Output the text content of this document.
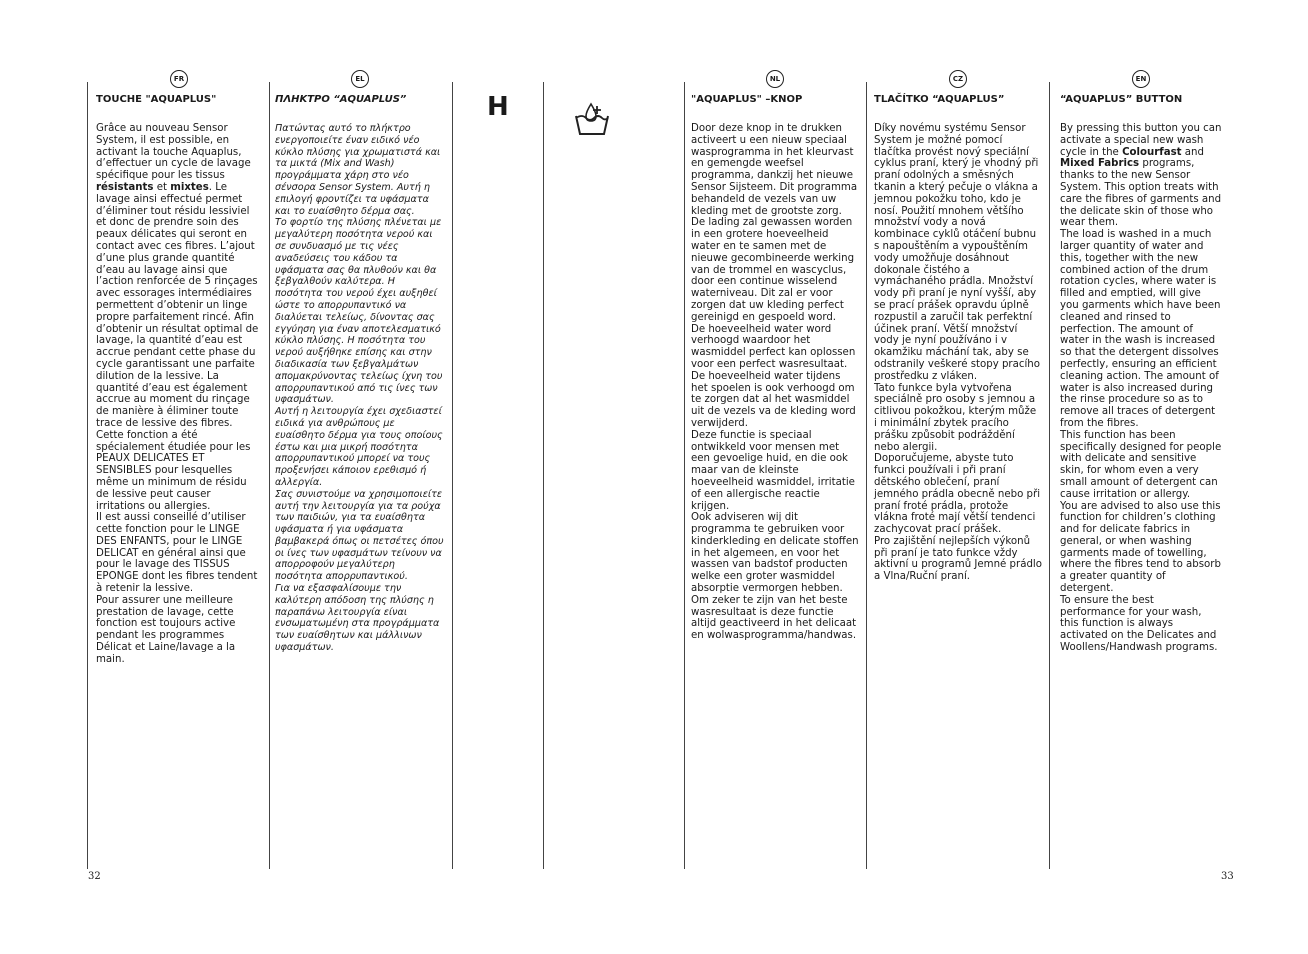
FR
TOUCHE "AQUAPLUS"

Grâce au nouveau Sensor System, il est possible, en activant la touche Aquaplus, d’effectuer un cycle de lavage spécifique pour les tissus résistants et mixtes. Le lavage ainsi effectué permet d’éliminer tout résidu lessiviel et donc de prendre soin des peaux délicates qui seront en contact avec ces fibres. L’ajout d’une plus grande quantité d’eau au lavage ainsi que l’action renforcée de 5 rinçages avec essorages intermédiaires permettent d’obtenir un linge propre parfaitement rincé. Afin d’obtenir un résultat optimal de lavage, la quantité d’eau est accrue pendant cette phase du cycle garantissant une parfaite dilution de la lessive. La quantité d’eau est également accrue au moment du rinçage de manière à éliminer toute trace de lessive des fibres.

Cette fonction a été spécialement étudiée pour les PEAUX DELICATES ET SENSIBLES pour lesquelles même un minimum de résidu de lessive peut causer irritations ou allergies.

Il est aussi conseillé d’utiliser cette fonction pour le LINGE DES ENFANTS, pour le LINGE DELICAT en général ainsi que pour le lavage des TISSUS EPONGE dont les fibres tendent à retenir la lessive.

Pour assurer une meilleure prestation de lavage, cette fonction est toujours active pendant les programmes Délicat et Laine/lavage a la main.

EL
ΠΛΗΚΤΡΟ “AQUAPLUS”

Πατώντας αυτό το πλήκτρο ενεργοποιείτε έναν ειδικό νέο κύκλο πλύσης για χρωματιστά και τα μικτά (Mix and Wash) προγράμματα χάρη στο νέο σένσορα Sensor System. Αυτή η επιλογή φροντίζει τα υφάσματα και το ευαίσθητο δέρμα σας.

Το φορτίο της πλύσης πλένεται με μεγαλύτερη ποσότητα νερού και σε συνδυασμό με τις νέες αναδεύσεις του κάδου τα υφάσματα σας θα πλυθούν και θα ξεβγαλθούν καλύτερα. Η ποσότητα του νερού έχει αυξηθεί ώστε το απορρυπαντικό να διαλύεται τελείως, δίνοντας σας εγγύηση για έναν αποτελεσματικό κύκλο πλύσης. Η ποσότητα του νερού αυξήθηκε επίσης και στην διαδικασία των ξεβγαλμάτων απομακρύνοντας τελείως ίχνη του απορρυπαντικού από τις ίνες των υφασμάτων.

Αυτή η λειτουργία έχει σχεδιαστεί ειδικά για ανθρώπους με ευαίσθητο δέρμα για τους οποίους έστω και μια μικρή ποσότητα απορρυπαντικού μπορεί να τους προξενήσει κάποιον ερεθισμό ή αλλεργία.

Σας συνιστούμε να χρησιμοποιείτε αυτή την λειτουργία για τα ρούχα των παιδιών, για τα ευαίσθητα υφάσματα ή για υφάσματα βαμβακερά όπως οι πετσέτες όπου οι ίνες των υφασμάτων τείνουν να απορροφούν μεγαλύτερη ποσότητα απορρυπαντικού.

Για να εξασφαλίσουμε την καλύτερη απόδοση της πλύσης η παραπάνω λειτουργία είναι ενσωματωμένη στα προγράμματα των ευαίσθητων και μάλλινων υφασμάτων.

H
NL
"AQUAPLUS" –KNOP

Door deze knop in te drukken activeert u een nieuw speciaal wasprogramma in het kleurvast en gemengde weefsel programma, dankzij het nieuwe Sensor Sijsteem. Dit programma behandeld de vezels van uw kleding met de grootste zorg.

De lading zal gewassen worden in een grotere hoeveelheid water en te samen met de nieuwe gecombineerde werking van de trommel en wascyclus, door een continue wisselend waterniveau. Dit zal er voor zorgen dat uw kleding perfect gereinigd en gespoeld word.

De hoeveelheid water word verhoogd waardoor het wasmiddel perfect kan oplossen voor een perfect wasresultaat. De hoeveelheid water tijdens het spoelen is ook verhoogd om te zorgen dat al het wasmiddel uit de vezels va de kleding word verwijderd.

Deze functie is speciaal ontwikkeld voor mensen met een gevoelige huid, en die ook maar van de kleinste hoeveelheid wasmiddel, irritatie of een allergische reactie krijgen.

Ook adviseren wij dit programma te gebruiken voor kinderkleding en delicate stoffen in het algemeen, en voor het wassen van badstof producten welke een groter wasmiddel absorptie vermorgen hebben.

Om zeker te zijn van het beste wasresultaat is deze functie altijd geactiveerd in het delicaat en wolwasprogramma/handwas.

CZ
TLAČÍTKO “AQUAPLUS”

Díky novému systému Sensor System je možné pomocí tlačítka provést nový speciální cyklus praní, který je vhodný při praní odolných a směsných tkanin a který pečuje o vlákna a jemnou pokožku toho, kdo je nosí. Použití mnohem většího množství vody a nová kombinace cyklů otáčení bubnu s napouštěním a vypouštěním vody umožňuje dosáhnout dokonale čistého a vymáchaného prádla. Množství vody při praní je nyní vyšší, aby se prací prášek opravdu úplně rozpustil a zaručil tak perfektní účinek praní. Větší množství vody je nyní používáno i v okamžiku máchání tak, aby se odstranily veškeré stopy pracího prostředku z vláken.

Tato funkce byla vytvořena speciálně pro osoby s jemnou a citlivou pokožkou, kterým může i minimální zbytek pracího prášku způsobit podráždění nebo alergii.

Doporučujeme, abyste tuto funkci používali i při praní dětského oblečení, praní jemného prádla obecně nebo při praní froté prádla, protože vlákna froté mají větší tendenci zachycovat prací prášek.

Pro zajištění nejlepších výkonů při praní je tato funkce vždy aktivní u programů Jemné prádlo a Vlna/Ruční praní.

EN
“AQUAPLUS” BUTTON

By pressing this button you can activate a special new wash cycle in the Colourfast and Mixed Fabrics programs, thanks to the new Sensor System. This option treats with care the fibres of garments and the delicate skin of those who wear them.

The load is washed in a much larger quantity of water and this, together with the new combined action of the drum rotation cycles, where water is filled and emptied, will give you garments which have been cleaned and rinsed to perfection. The amount of water in the wash is increased so that the detergent dissolves perfectly, ensuring an efficient cleaning action. The amount of water is also increased during the rinse procedure so as to remove all traces of detergent from the fibres.

This function has been specifically designed for people with delicate and sensitive skin, for whom even a very small amount of detergent can cause irritation or allergy.

You are advised to also use this function for children’s clothing and for delicate fabrics in general, or when washing garments made of towelling, where the fibres tend to absorb a greater quantity of detergent.

To ensure the best performance for your wash, this function is always activated on the Delicates and Woollens/Handwash programs.

32	33
